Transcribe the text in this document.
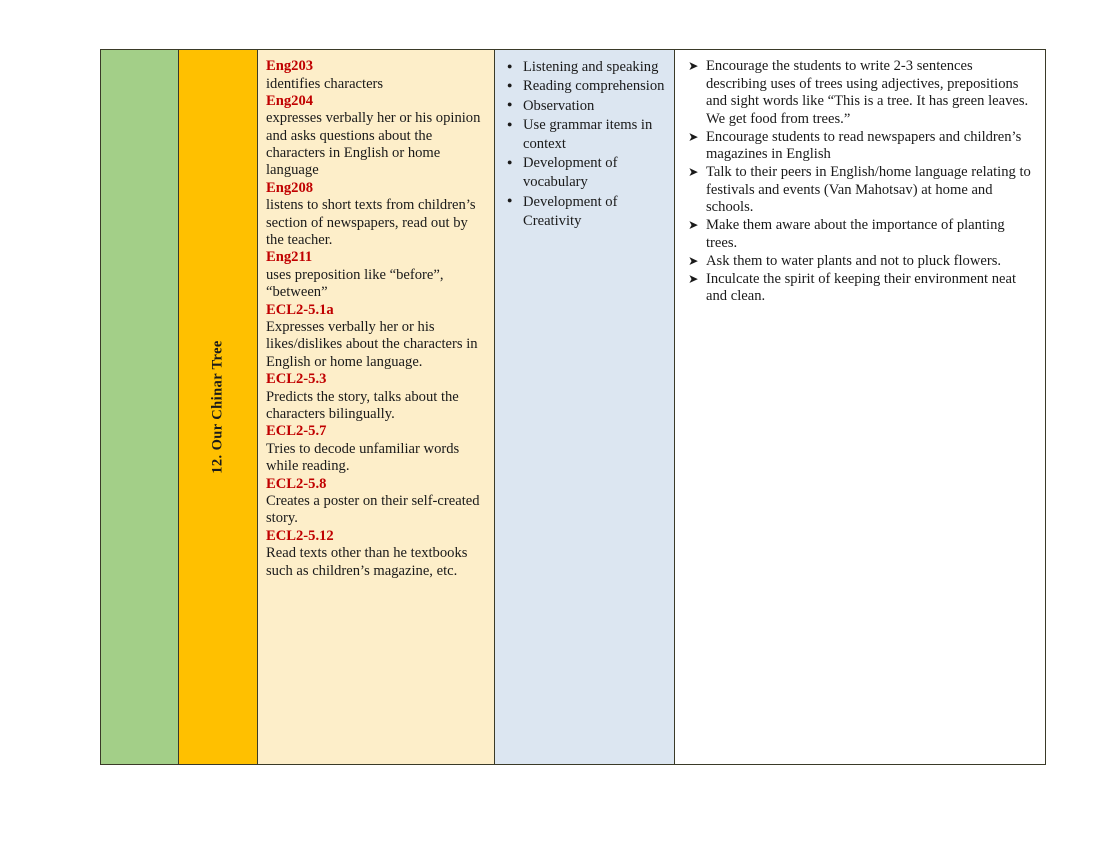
12. Our Chinar Tree

Eng203
identifies characters
Eng204
expresses verbally her or his opinion and asks questions about the characters in English or home language
Eng208
listens to short texts from children’s section of newspapers, read out by the teacher.
Eng211
uses preposition like “before”, “between”
ECL2-5.1a
Expresses verbally her or his likes/dislikes about the characters in English or home language.
ECL2-5.3
Predicts the story, talks about the characters bilingually.
ECL2-5.7
Tries to decode unfamiliar words while reading.
ECL2-5.8
Creates a poster on their self-created story.
ECL2-5.12
Read texts other than he textbooks such as children’s magazine, etc.

● Listening and speaking
● Reading comprehension
● Observation
● Use grammar items in context
● Development of vocabulary
● Development of Creativity

➤ Encourage the students to write 2-3 sentences describing uses of trees using adjectives, prepositions and sight words like “This is a tree. It has green leaves. We get food from trees.”
➤ Encourage students to read newspapers and children’s magazines in English
➤ Talk to their peers in English/home language relating to festivals and events (Van Mahotsav) at home and schools.
➤ Make them aware about the importance of planting trees.
➤ Ask them to water plants and not to pluck flowers.
➤ Inculcate the spirit of keeping their environment neat and clean.
